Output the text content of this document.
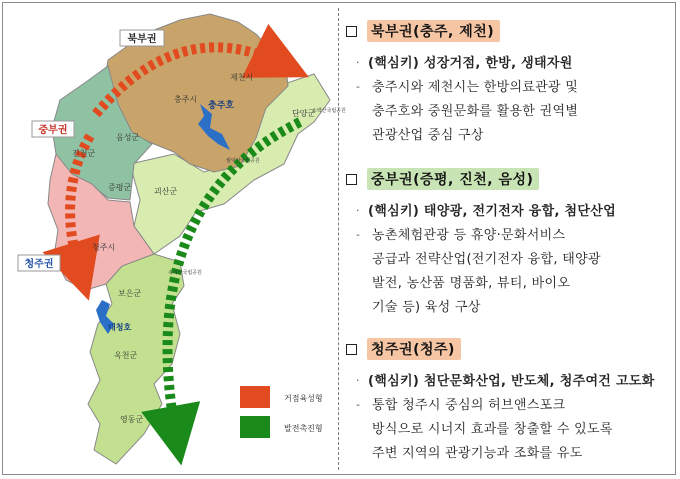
북부권
중부권
청주권
충주시
제천시
충주호
단양군
소백산국립공원
월악산국립공원
진천군
음성군
증평군	괴산군
청주시
속리산국립공원
보은군
대청호
옥천군
영동군
거점육성형
발전촉진형
북부권(충주, 제천)
· (핵심키) 성장거점, 한방, 생태자원
- 충주시와 제천시는 한방의료관광 및
충주호와 중원문화를 활용한 권역별
관광산업 중심 구상
중부권(증평, 진천, 음성)
· (핵심키) 태양광, 전기전자 융합, 첨단산업
- 농촌체험관광 등 휴양·문화서비스
공급과 전략산업(전기전자 융합, 태양광
발전, 농산품 명품화, 뷰티, 바이오
기술 등) 육성 구상
청주권(청주)
· (핵심키) 첨단문화산업, 반도체, 청주여건 고도화
- 통합 청주시 중심의 허브앤스포크
방식으로 시너지 효과를 창출할 수 있도록
주변 지역의 관광기능과 조화를 유도
